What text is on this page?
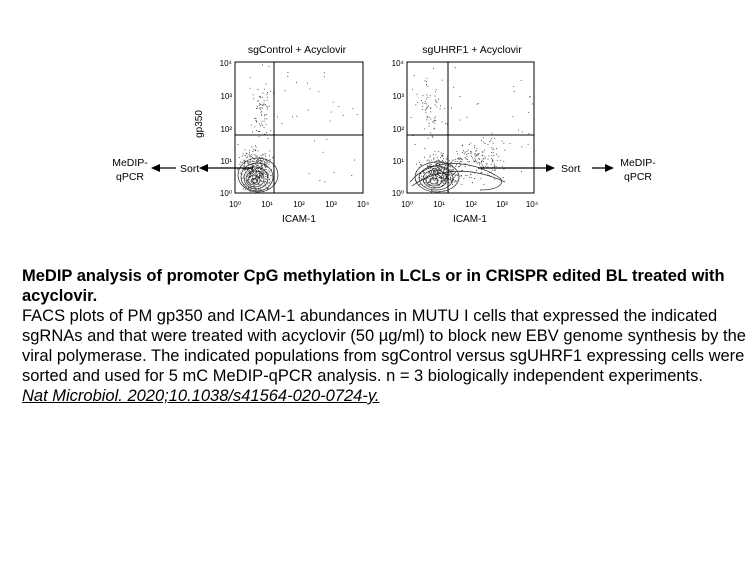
sgControl + Acyclovir
10⁴
10³
10²
10¹
10⁰
10⁰	10¹	10²	10³	10⁴
ICAM-1
gp350
Sort
MeDIP-
qPCR
sgUHRF1 + Acyclovir
10⁴
10³
10²
10¹
10⁰
10⁰	10¹	10² 10³ 10⁴
ICAM-1
Sort	MeDIP-
qPCR

MeDIP analysis of promoter CpG methylation in LCLs or in CRISPR edited BL treated with acyclovir.

FACS plots of PM gp350 and ICAM-1 abundances in MUTU I cells that expressed the indicated sgRNAs and that were treated with acyclovir (50 µg/ml) to block new EBV genome synthesis by the viral polymerase. The indicated populations from sgControl versus sgUHRF1 expressing cells were sorted and used for 5 mC MeDIP-qPCR analysis. n = 3 biologically independent experiments.

Nat Microbiol. 2020;10.1038/s41564-020-0724-y.
